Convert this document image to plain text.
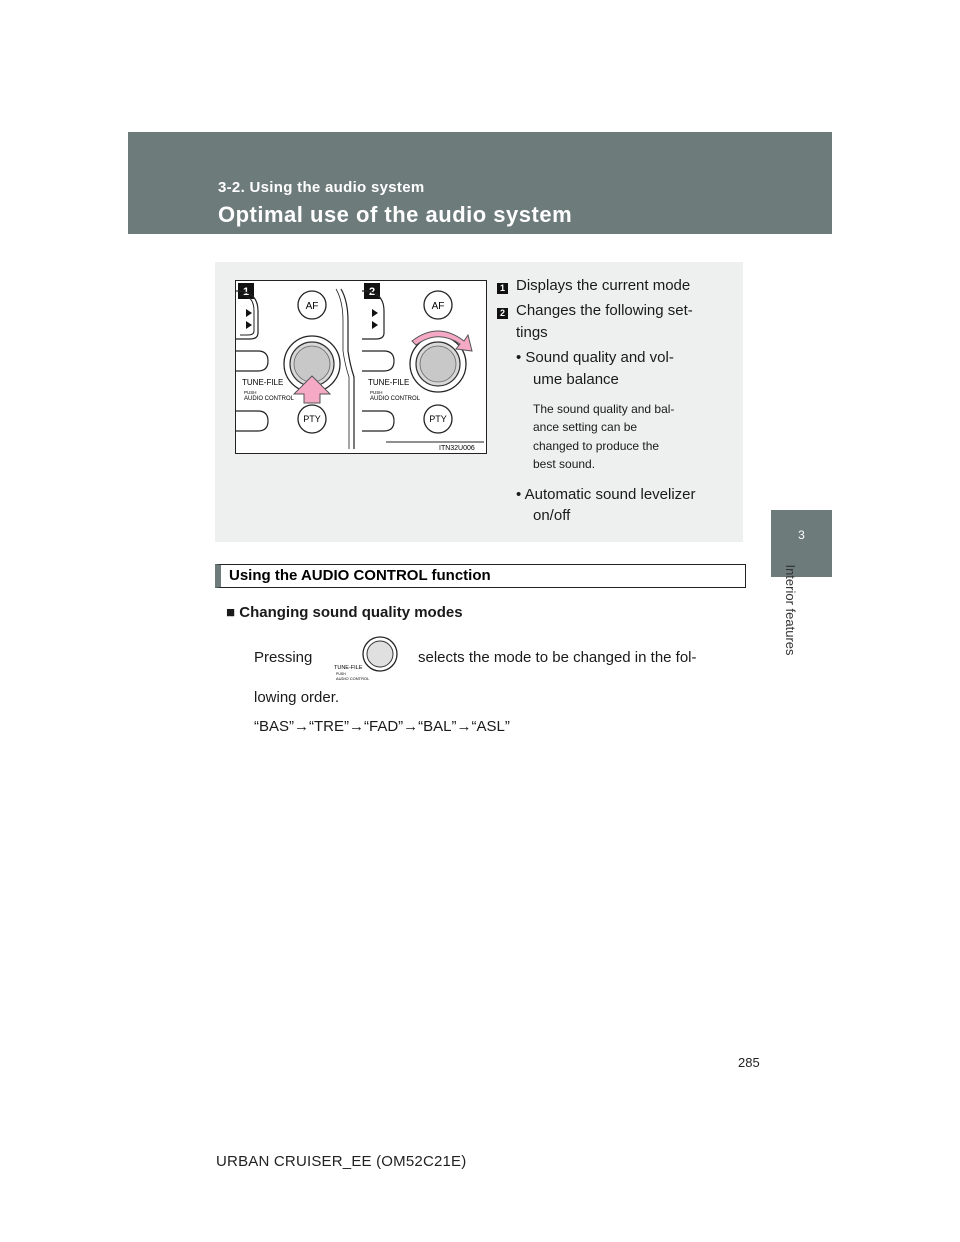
3-2. Using the audio system
Optimal use of the audio system
3
Interior features
1
AF
TUNE-FILE
PUSH
AUDIO CONTROL
PTY
2
AF
TUNE-FILE
PUSH
AUDIO CONTROL
PTY
ITN32U006
1 Displays the current mode
2 Changes the following set-
tings
• Sound quality and vol-
ume balance
The sound quality and bal-
ance setting can be
changed to produce the
best sound.
• Automatic sound levelizer
on/off
Using the AUDIO CONTROL function
■ Changing sound quality modes
Pressing
TUNE-FILE
PUSH
AUDIO CONTROL
selects the mode to be changed in the fol-
lowing order.
“BAS”→“TRE”→“FAD”→“BAL”→“ASL”
285
URBAN CRUISER_EE (OM52C21E)
